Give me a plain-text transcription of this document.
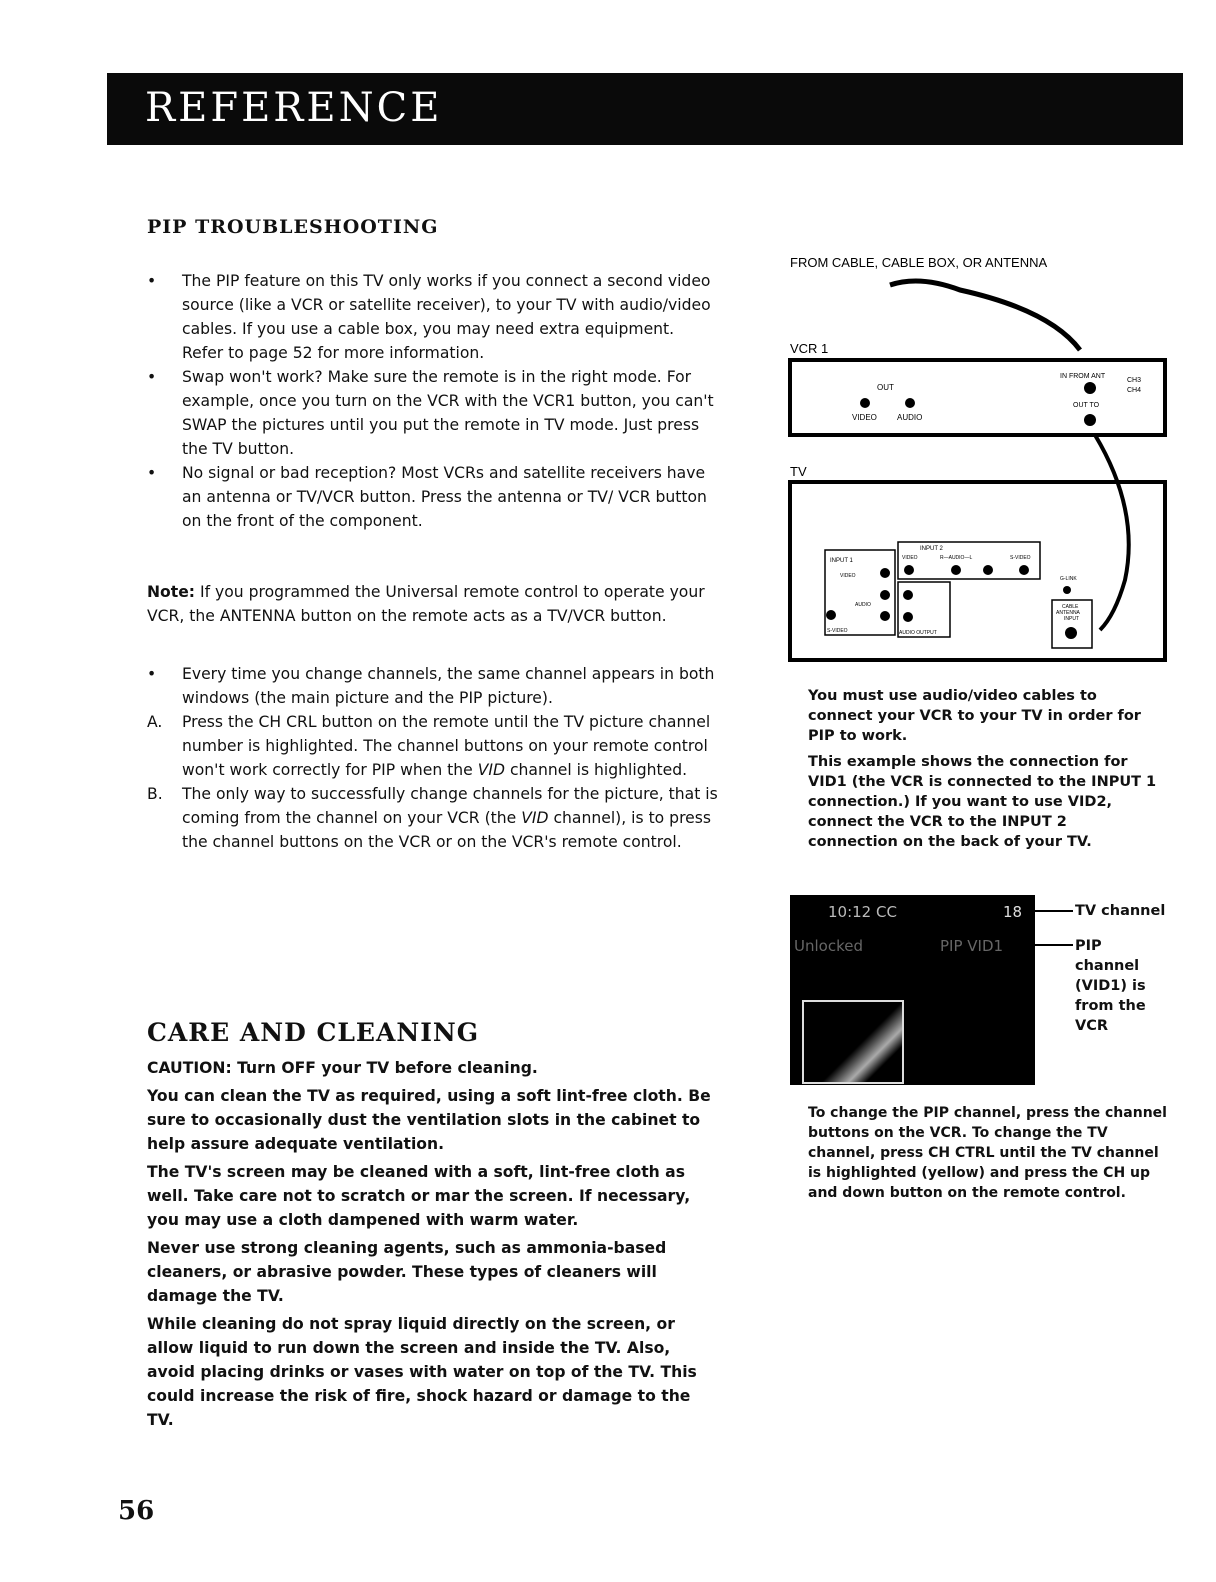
REFERENCE
PIP TROUBLESHOOTING
• The PIP feature on this TV only works if you connect a second video source (like a VCR or satellite receiver), to your TV with audio/video cables. If you use a cable box, you may need extra equipment. Refer to page 52 for more information.
• Swap won't work? Make sure the remote is in the right mode. For example, once you turn on the VCR with the VCR1 button, you can't SWAP the pictures until you put the remote in TV mode. Just press the TV button.
• No signal or bad reception? Most VCRs and satellite receivers have an antenna or TV/VCR button. Press the antenna or TV/ VCR button on the front of the component.
Note: If you programmed the Universal remote control to operate your VCR, the ANTENNA button on the remote acts as a TV/VCR button.
• Every time you change channels, the same channel appears in both windows (the main picture and the PIP picture).
A. Press the CH CRL button on the remote until the TV picture channel number is highlighted. The channel buttons on your remote control
won't work correctly for PIP when the VID channel is highlighted.
B. The only way to successfully change channels for the picture, that is coming from the channel on your VCR (the VID channel), is to press
the channel buttons on the VCR or on the VCR's remote control.
CARE AND CLEANING

CAUTION: Turn OFF your TV before cleaning.

You can clean the TV as required, using a soft lint-free cloth. Be sure to occasionally dust the ventilation slots in the cabinet to help assure adequate ventilation.

The TV's screen may be cleaned with a soft, lint-free cloth as well. Take care not to scratch or mar the screen. If necessary, you may use a cloth dampened with warm water.

Never use strong cleaning agents, such as ammonia-based cleaners, or abrasive powder. These types of cleaners will damage the TV.

While cleaning do not spray liquid directly on the screen, or allow liquid to run down the screen and inside the TV. Also, avoid placing drinks or vases with water on top of the TV. This could increase the risk of fire, shock hazard or damage to the TV.

FROM CABLE, CABLE BOX, OR ANTENNA
VCR 1
OUT
VIDEO	AUDIO
IN FROM ANT
CH3
CH4
OUT TO
TV
INPUT 1
VIDEO
AUDIO
S-VIDEO
INPUT 2
VIDEO	R—AUDIO—L	S-VIDEO
AUDIO OUTPUT
G-LINK
CABLE
ANTENNA
INPUT
You must use audio/video cables to connect your VCR to your TV in order for PIP to work.
This example shows the connection for VID1 (the VCR is connected to the INPUT 1 connection.) If you want to use VID2, connect the VCR to the INPUT 2 connection on the back of your TV.
10:12 CC	18
Unlocked	PIP VID1
TV channel
PIP channel (VID1) is from the VCR
To change the PIP channel, press the channel buttons on the VCR. To change the TV channel, press CH CTRL until the TV channel is highlighted (yellow) and press the CH up and down button on the remote control.
56
